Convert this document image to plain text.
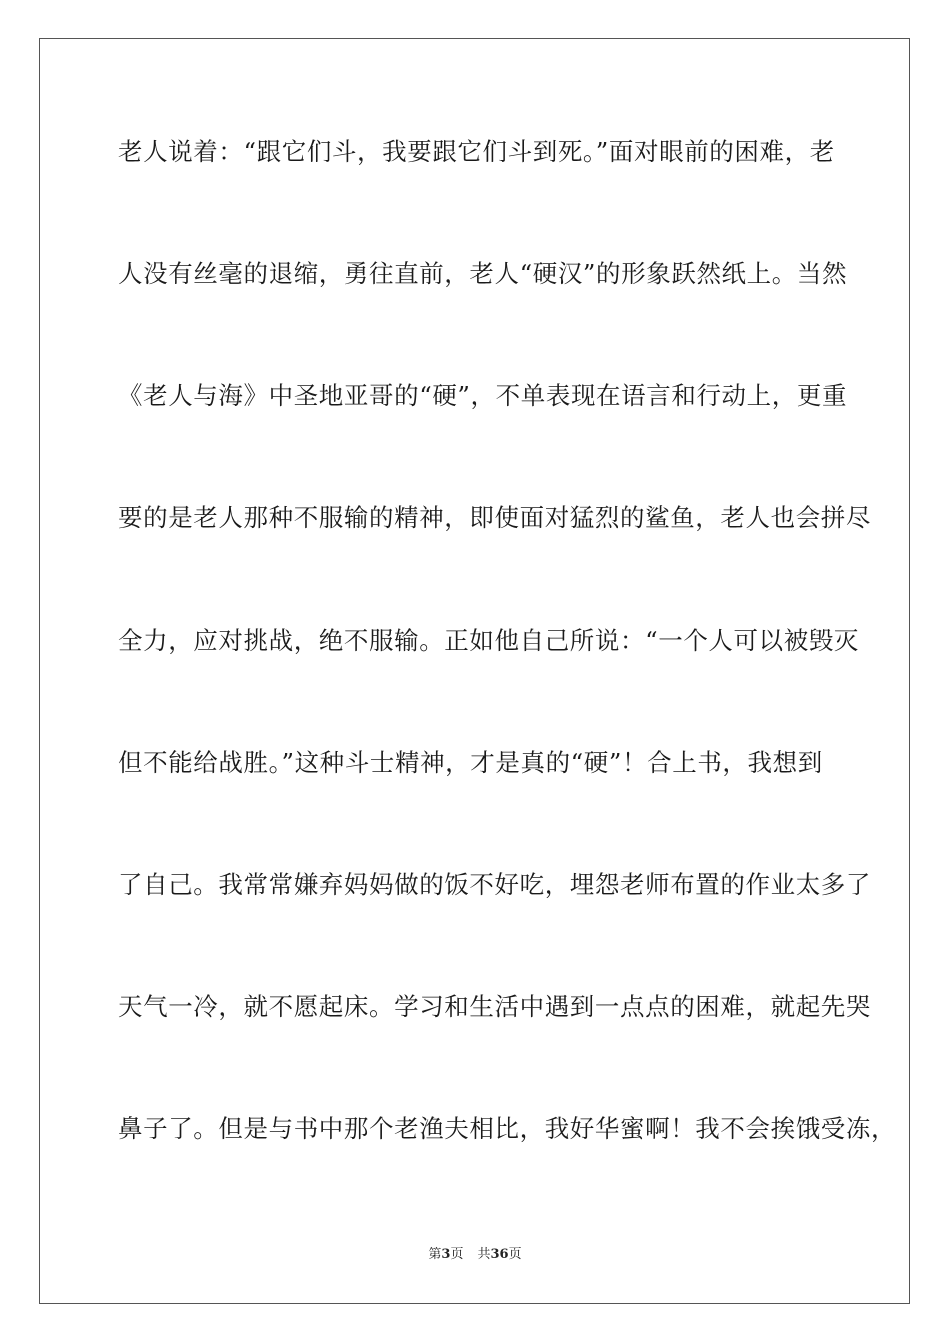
老人说着：“跟它们斗，我要跟它们斗到死。”面对眼前的困难，老
人没有丝毫的退缩，勇往直前，老人“硬汉”的形象跃然纸上。当然
《老人与海》中圣地亚哥的“硬”，不单表现在语言和行动上，更重
要的是老人那种不服输的精神，即使面对猛烈的鲨鱼，老人也会拼尽
全力，应对挑战，绝不服输。正如他自己所说：“一个人可以被毁灭
但不能给战胜。”这种斗士精神，才是真的“硬”！合上书，我想到
了自己。我常常嫌弃妈妈做的饭不好吃，埋怨老师布置的作业太多了
天气一冷，就不愿起床。学习和生活中遇到一点点的困难，就起先哭
鼻子了。但是与书中那个老渔夫相比，我好华蜜啊！我不会挨饿受冻，
第3页 共36页
